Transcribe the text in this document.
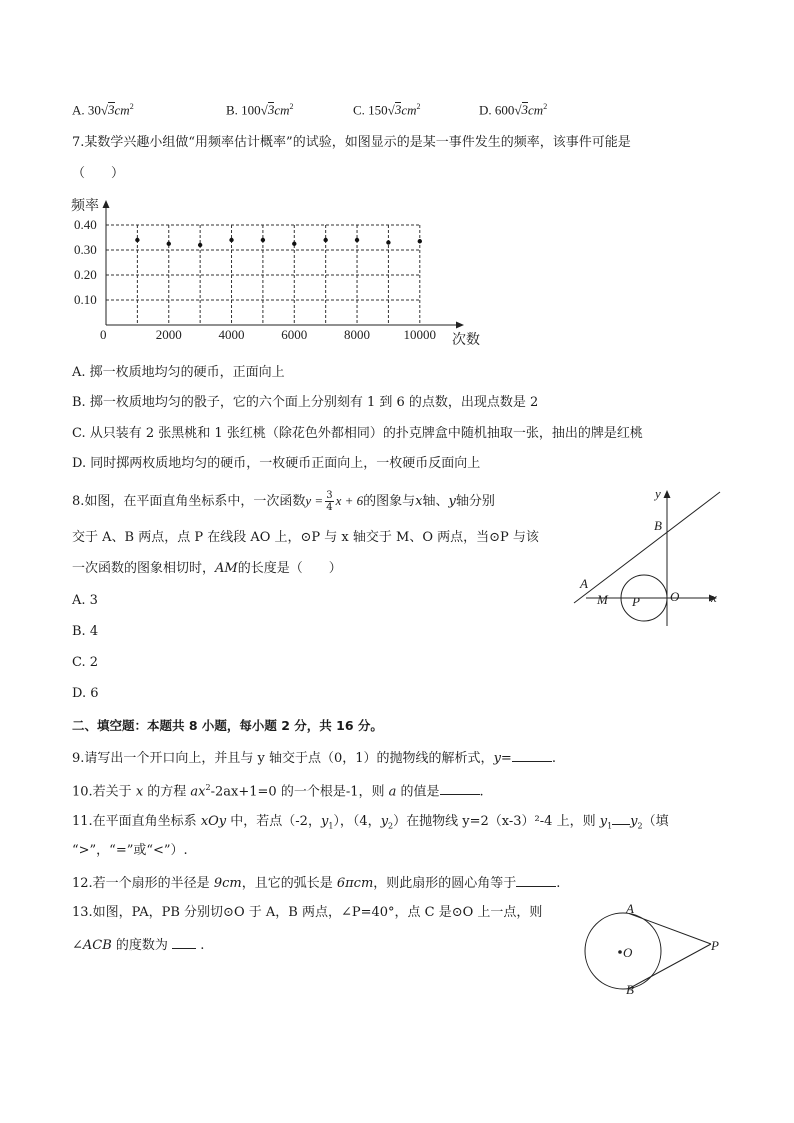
A. $30√3cm^2$	B. $100√3cm^2$	C. $150√3cm^2$	D. $600√3cm^2$
7.某数学兴趣小组做“用频率估计概率”的试验，如图显示的是某一事件发生的频率，该事件可能是
（　　）
频率
次数
0
0.10
0.20
0.30
0.40
2000	4000	6000	8000	10000
A. 掷一枚质地均匀的硬币，正面向上
B. 掷一枚质地均匀的骰子，它的六个面上分别刻有 1 到 6 的点数，出现点数是 2
C. 从只装有 2 张黑桃和 1 张红桃（除花色外都相同）的扑克牌盒中随机抽取一张，抽出的牌是红桃
D. 同时掷两枚质地均匀的硬币，一枚硬币正面向上，一枚硬币反面向上
8.如图，在平面直角坐标系中，一次函数$y = \frac{3}{4}$ x + 6的图象与x轴、y轴分别
交于 A、B 两点，点 P 在线段 AO 上，⊙P 与 x 轴交于 M、O 两点，当⊙P 与该
一次函数的图象相切时，AM的长度是（　　）
A. 3
B. 4
C. 2
D. 6
y
x
A
B
M P O
二、填空题：本题共 8 小题，每小题 2 分，共 16 分。
9.请写出一个开口向上，并且与 y 轴交于点（0，1）的抛物线的解析式，y=	.
10.若关于 x 的方程 $ax^2-2ax+1=0$ 的一个根是-1，则 a 的值是	.
11.在平面直角坐标系 xOy 中，若点（-2，$y_1$），（4，$y_2$）在抛物线 y=2（x-3）²-4 上，则 $y_1$ $y_2$（填
“>”，“=”或“<”）.
12.若一个扇形的半径是 9cm，且它的弧长是 6πcm，则此扇形的圆心角等于	.
13.如图，PA，PB 分别切⊙O 于 A，B 两点，∠P=40°，点 C 是⊙O 上一点，则
∠ACB 的度数为 .
A
B
O	P
